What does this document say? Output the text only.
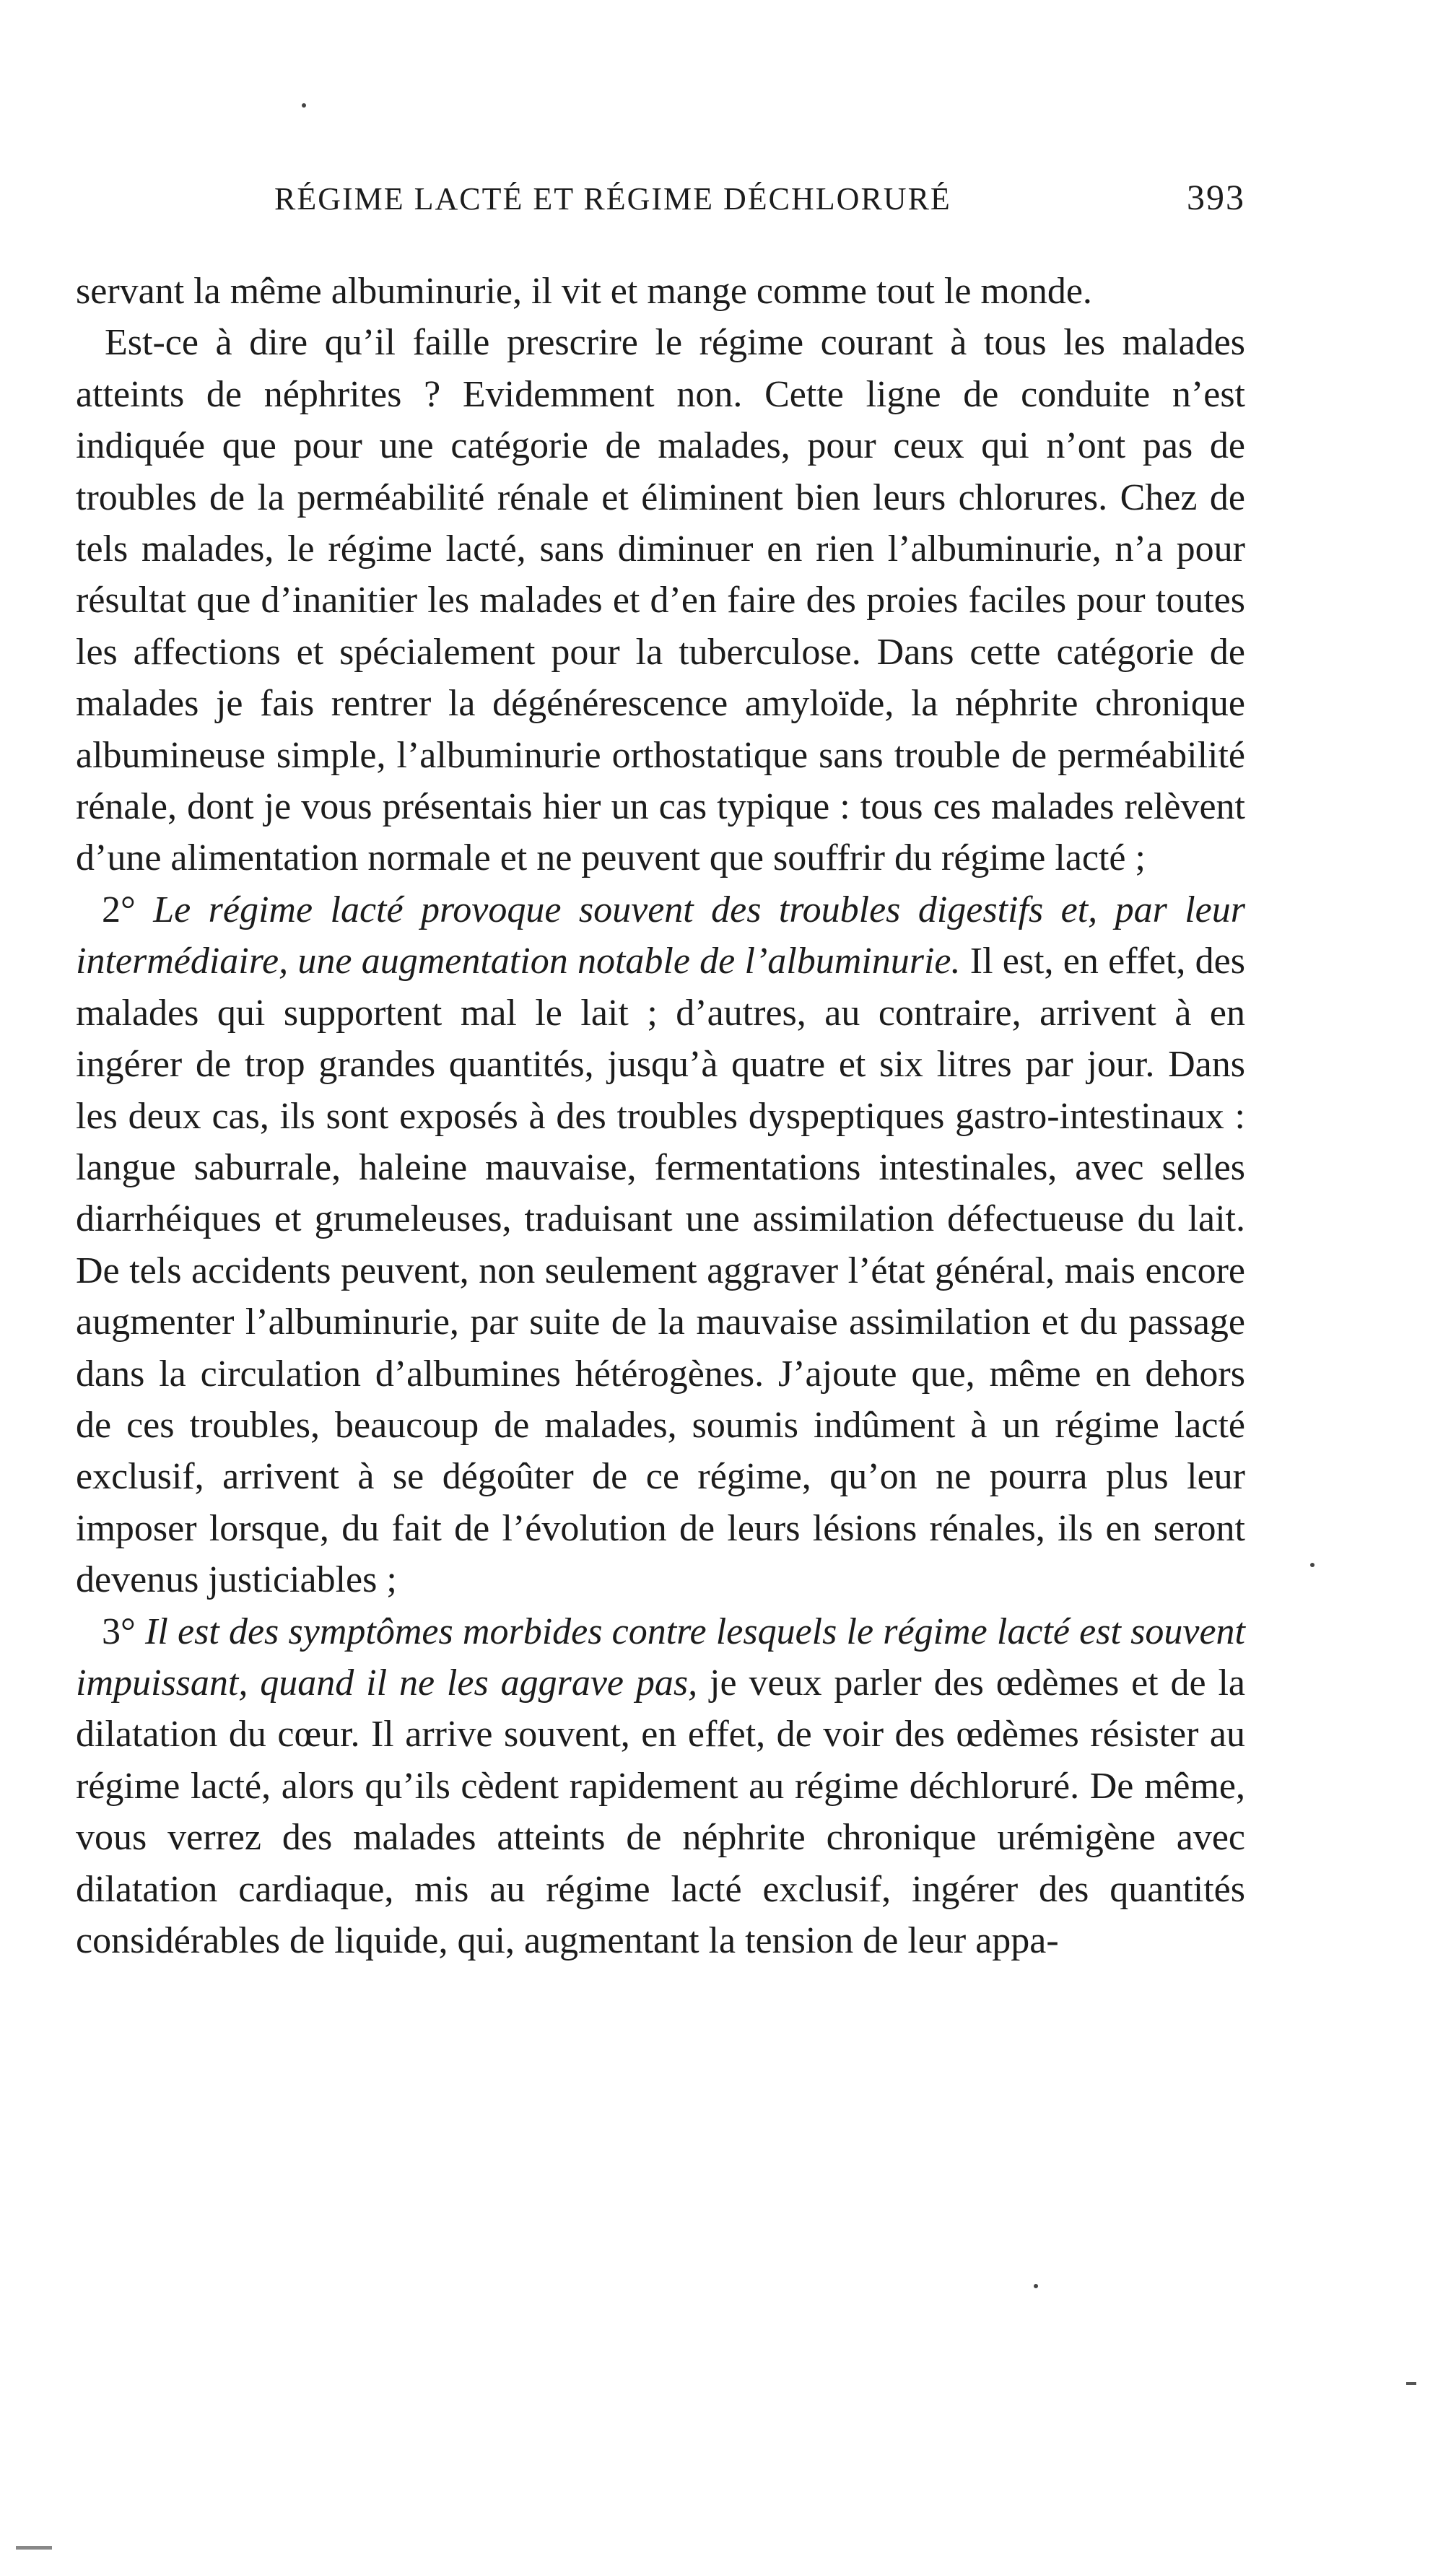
RÉGIME LACTÉ ET RÉGIME DÉCHLORURÉ	393

servant la même albuminurie, il vit et mange comme tout le monde.

Est-ce à dire qu’il faille prescrire le régime courant à tous les malades atteints de néphrites ? Evidemment non. Cette ligne de conduite n’est indiquée que pour une catégorie de malades, pour ceux qui n’ont pas de troubles de la perméabilité rénale et éliminent bien leurs chlorures. Chez de tels malades, le régime lacté, sans diminuer en rien l’albuminurie, n’a pour résultat que d’inanitier les malades et d’en faire des proies faciles pour toutes les affections et spécialement pour la tuberculose. Dans cette catégorie de malades je fais rentrer la dégénérescence amyloïde, la néphrite chronique albumineuse simple, l’albuminurie orthostatique sans trouble de perméabilité rénale, dont je vous présentais hier un cas typique : tous ces malades relèvent d’une alimentation normale et ne peuvent que souffrir du régime lacté ;

2° Le régime lacté provoque souvent des troubles digestifs et, par leur intermédiaire, une augmentation notable de l’albuminurie. Il est, en effet, des malades qui supportent mal le lait ; d’autres, au contraire, arrivent à en ingérer de trop grandes quantités, jusqu’à quatre et six litres par jour. Dans les deux cas, ils sont exposés à des troubles dyspeptiques gastro-intestinaux : langue saburrale, haleine mauvaise, fermentations intestinales, avec selles diarrhéiques et grumeleuses, traduisant une assimilation défectueuse du lait. De tels accidents peuvent, non seulement aggraver l’état général, mais encore augmenter l’albuminurie, par suite de la mauvaise assimilation et du passage dans la circulation d’albumines hétérogènes. J’ajoute que, même en dehors de ces troubles, beaucoup de malades, soumis indûment à un régime lacté exclusif, arrivent à se dégoûter de ce régime, qu’on ne pourra plus leur imposer lorsque, du fait de l’évolution de leurs lésions rénales, ils en seront devenus justiciables ;

3° Il est des symptômes morbides contre lesquels le régime lacté est souvent impuissant, quand il ne les aggrave pas, je veux parler des œdèmes et de la dilatation du cœur. Il arrive souvent, en effet, de voir des œdèmes résister au régime lacté, alors qu’ils cèdent rapidement au régime déchloruré. De même, vous verrez des malades atteints de néphrite chronique urémigène avec dilatation cardiaque, mis au régime lacté exclusif, ingérer des quantités considérables de liquide, qui, augmentant la tension de leur appa-
